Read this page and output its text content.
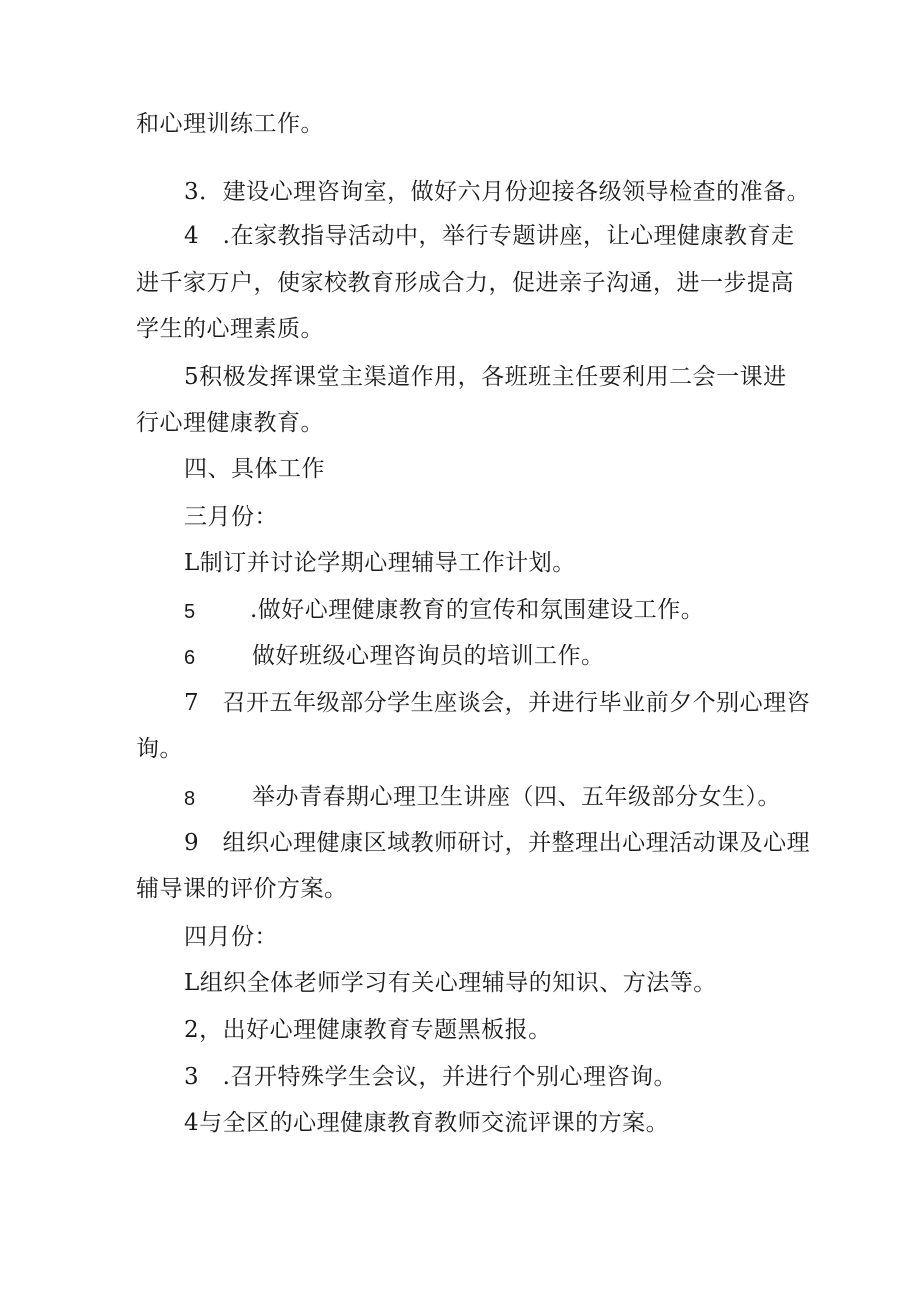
和心理训练工作。
3．建设心理咨询室，做好六月份迎接各级领导检查的准备。
4　.在家教指导活动中，举行专题讲座，让心理健康教育走
进千家万户，使家校教育形成合力，促进亲子沟通，进一步提高
学生的心理素质。
5积极发挥课堂主渠道作用，各班班主任要利用二会一课进
行心理健康教育。
四、具体工作
三月份：
L制订并讨论学期心理辅导工作计划。
5 .做好心理健康教育的宣传和氛围建设工作。
6 做好班级心理咨询员的培训工作。
7　召开五年级部分学生座谈会，并进行毕业前夕个别心理咨
询。
8 举办青春期心理卫生讲座（四、五年级部分女生）。
9　组织心理健康区域教师研讨，并整理出心理活动课及心理
辅导课的评价方案。
四月份：
L组织全体老师学习有关心理辅导的知识、方法等。
2，出好心理健康教育专题黑板报。
3　.召开特殊学生会议，并进行个别心理咨询。
4与全区的心理健康教育教师交流评课的方案。
